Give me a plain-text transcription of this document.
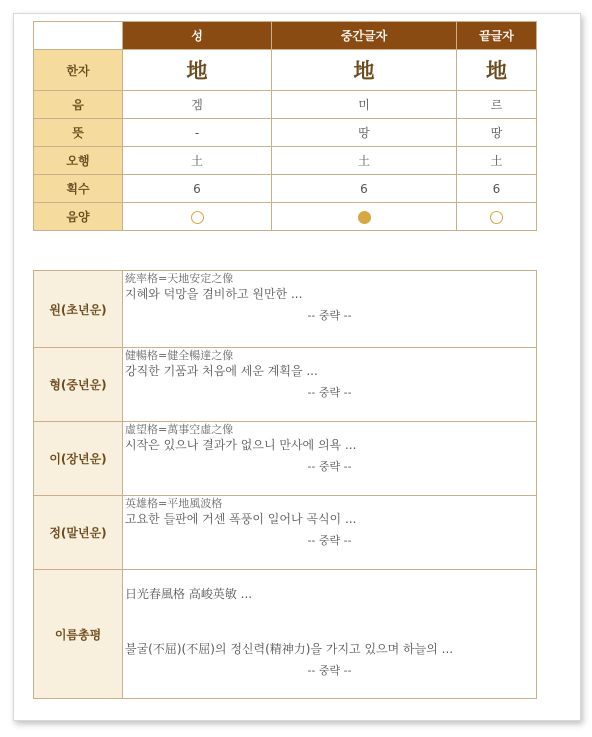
	성	중간글자	끝글자
한자	地	地	地
음	겜	미	르
뜻	-	땅	땅
오행	土	土	土
획수	6	6	6
음양			
원(초년운)	統率格=天地安定之像
지혜와 덕망을 겸비하고 원만한 ...
-- 중략 --

형(중년운)	健暢格=健全暢達之像
강직한 기품과 처음에 세운 계획을 ...
-- 중략 --

이(장년운)	虛望格=萬事空虛之像
시작은 있으나 결과가 없으니 만사에 의욕 ...
-- 중략 --

정(말년운)	英雄格=平地風波格
고요한 들판에 거센 폭풍이 일어나 곡식이 ...
-- 중략 --

이름총평	日光春風格 高峻英敏 ...
불굴(不屈)(不屈)의 정신력(精神力)을 가지고 있으며 하늘의 ...
-- 중략 --
